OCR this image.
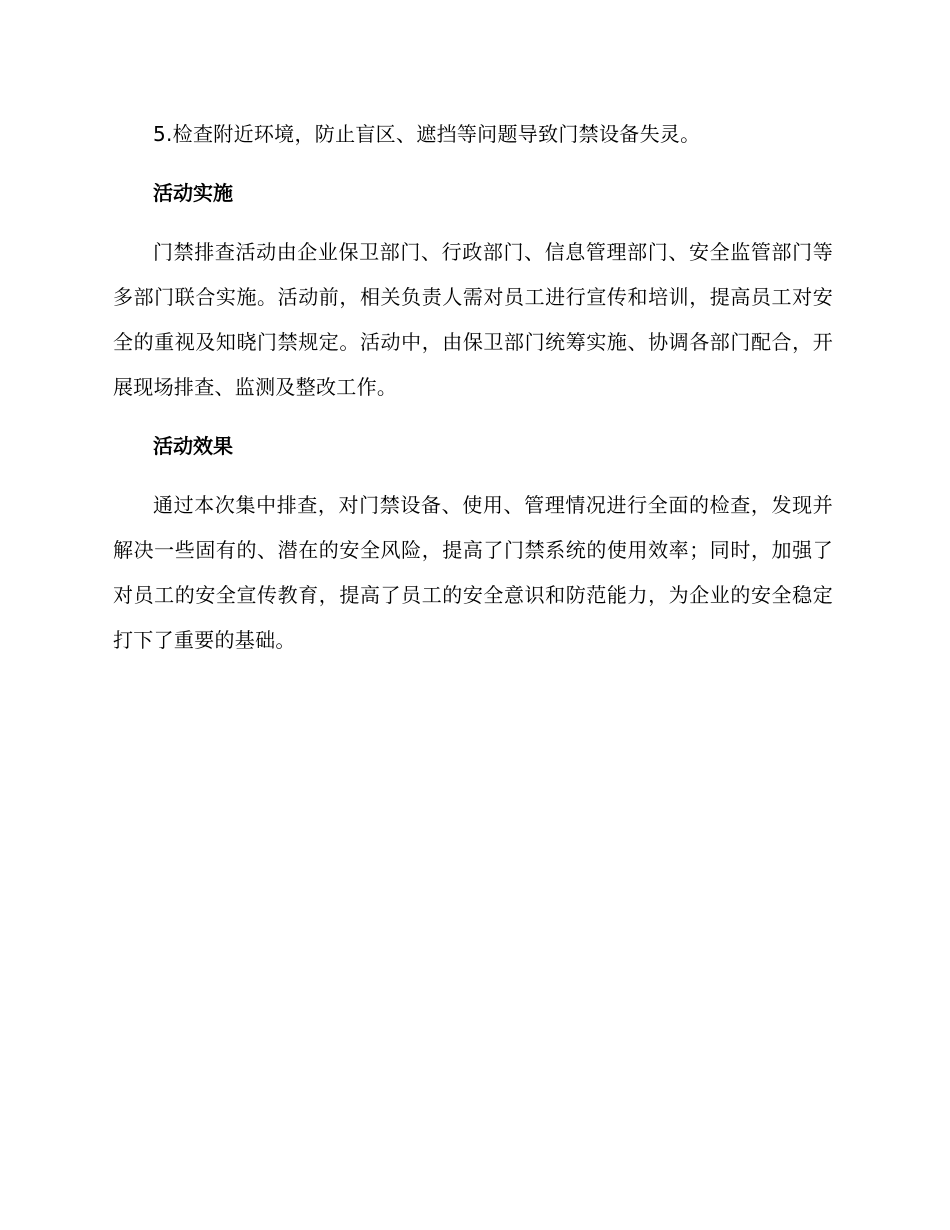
5.检查附近环境，防止盲区、遮挡等问题导致门禁设备失灵。

活动实施

门禁排查活动由企业保卫部门、行政部门、信息管理部门、安全监管部门等多部门联合实施。活动前，相关负责人需对员工进行宣传和培训，提高员工对安全的重视及知晓门禁规定。活动中，由保卫部门统筹实施、协调各部门配合，开展现场排查、监测及整改工作。

活动效果

通过本次集中排查，对门禁设备、使用、管理情况进行全面的检查，发现并解决一些固有的、潜在的安全风险，提高了门禁系统的使用效率；同时，加强了对员工的安全宣传教育，提高了员工的安全意识和防范能力，为企业的安全稳定打下了重要的基础。
